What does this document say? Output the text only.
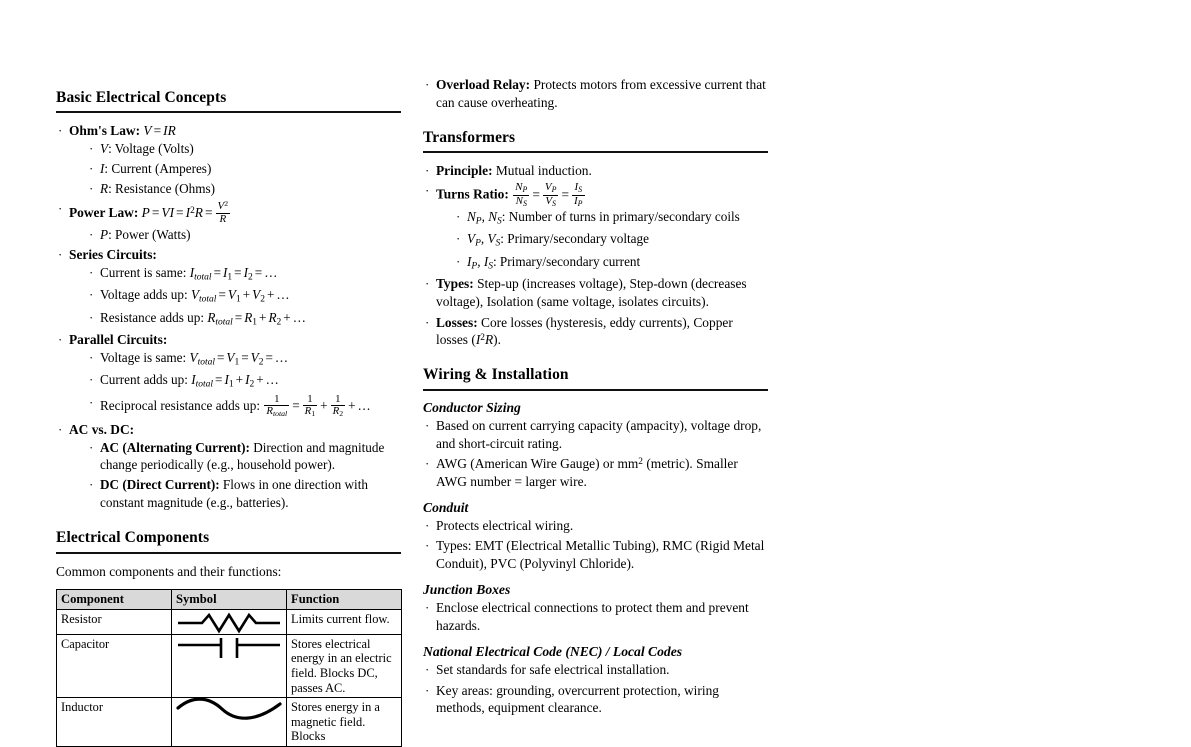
Basic Electrical Concepts
· Ohm's Law: V = IR
· V: Voltage (Volts)
· I: Current (Amperes)
· R: Resistance (Ohms)
· Power Law: P = VI = $I^2R = \frac{V^2}{R}$
· P: Power (Watts)
· Series Circuits:
· Current is same: $I_{total} = I1 = I2$ = …
· Voltage adds up: $V_{total} = V1 + V2$ + …
· Resistance adds up: $R_{total} = R1 + R2$ + …
· Parallel Circuits:
· Voltage is same: $V_{total} = V1 = V2$ = …
· Current adds up: $I_{total} = I1 + I2$ + …
· Reciprocal resistance adds up: $\frac{1}{R_{total}} = \frac{1}{R1} + \frac{1}{R2}$ + …
· AC vs. DC:
· AC (Alternating Current): Direction and magnitude change periodically (e.g., household power).
· DC (Direct Current): Flows in one direction with constant magnitude (e.g., batteries).
Electrical Components

Common components and their functions:

Component	Symbol	Function
Resistor		Limits current flow.
Capacitor		Stores electrical energy in an electric field. Blocks DC, passes AC.
Inductor		Stores energy in a magnetic field. Blocks
· Overload Relay: Protects motors from excessive current that can cause overheating.
Transformers
· Principle: Mutual induction.
· Turns Ratio: $\frac{N_P}{N_S} = \frac{V_P}{V_S} = \frac{I_S}{I_P}$
· $N_P$, $N_S$: Number of turns in primary/secondary coils
· $V_P$, $V_S$: Primary/secondary voltage
· $I_P$, $I_S$: Primary/secondary current
· Types: Step-up (increases voltage), Step-down (decreases voltage), Isolation (same voltage, isolates circuits).
· Losses: Core losses (hysteresis, eddy currents), Copper losses $(I^2R)$.
Wiring & Installation
Conductor Sizing
· Based on current carrying capacity (ampacity), voltage drop, and short-circuit rating.
· AWG (American Wire Gauge) or $mm^2$ (metric). Smaller AWG number = larger wire.
Conduit
· Protects electrical wiring.
· Types: EMT (Electrical Metallic Tubing), RMC (Rigid Metal Conduit), PVC (Polyvinyl Chloride).
Junction Boxes
· Enclose electrical connections to protect them and prevent hazards.
National Electrical Code (NEC) / Local Codes
· Set standards for safe electrical installation.
· Key areas: grounding, overcurrent protection, wiring methods, equipment clearance.
